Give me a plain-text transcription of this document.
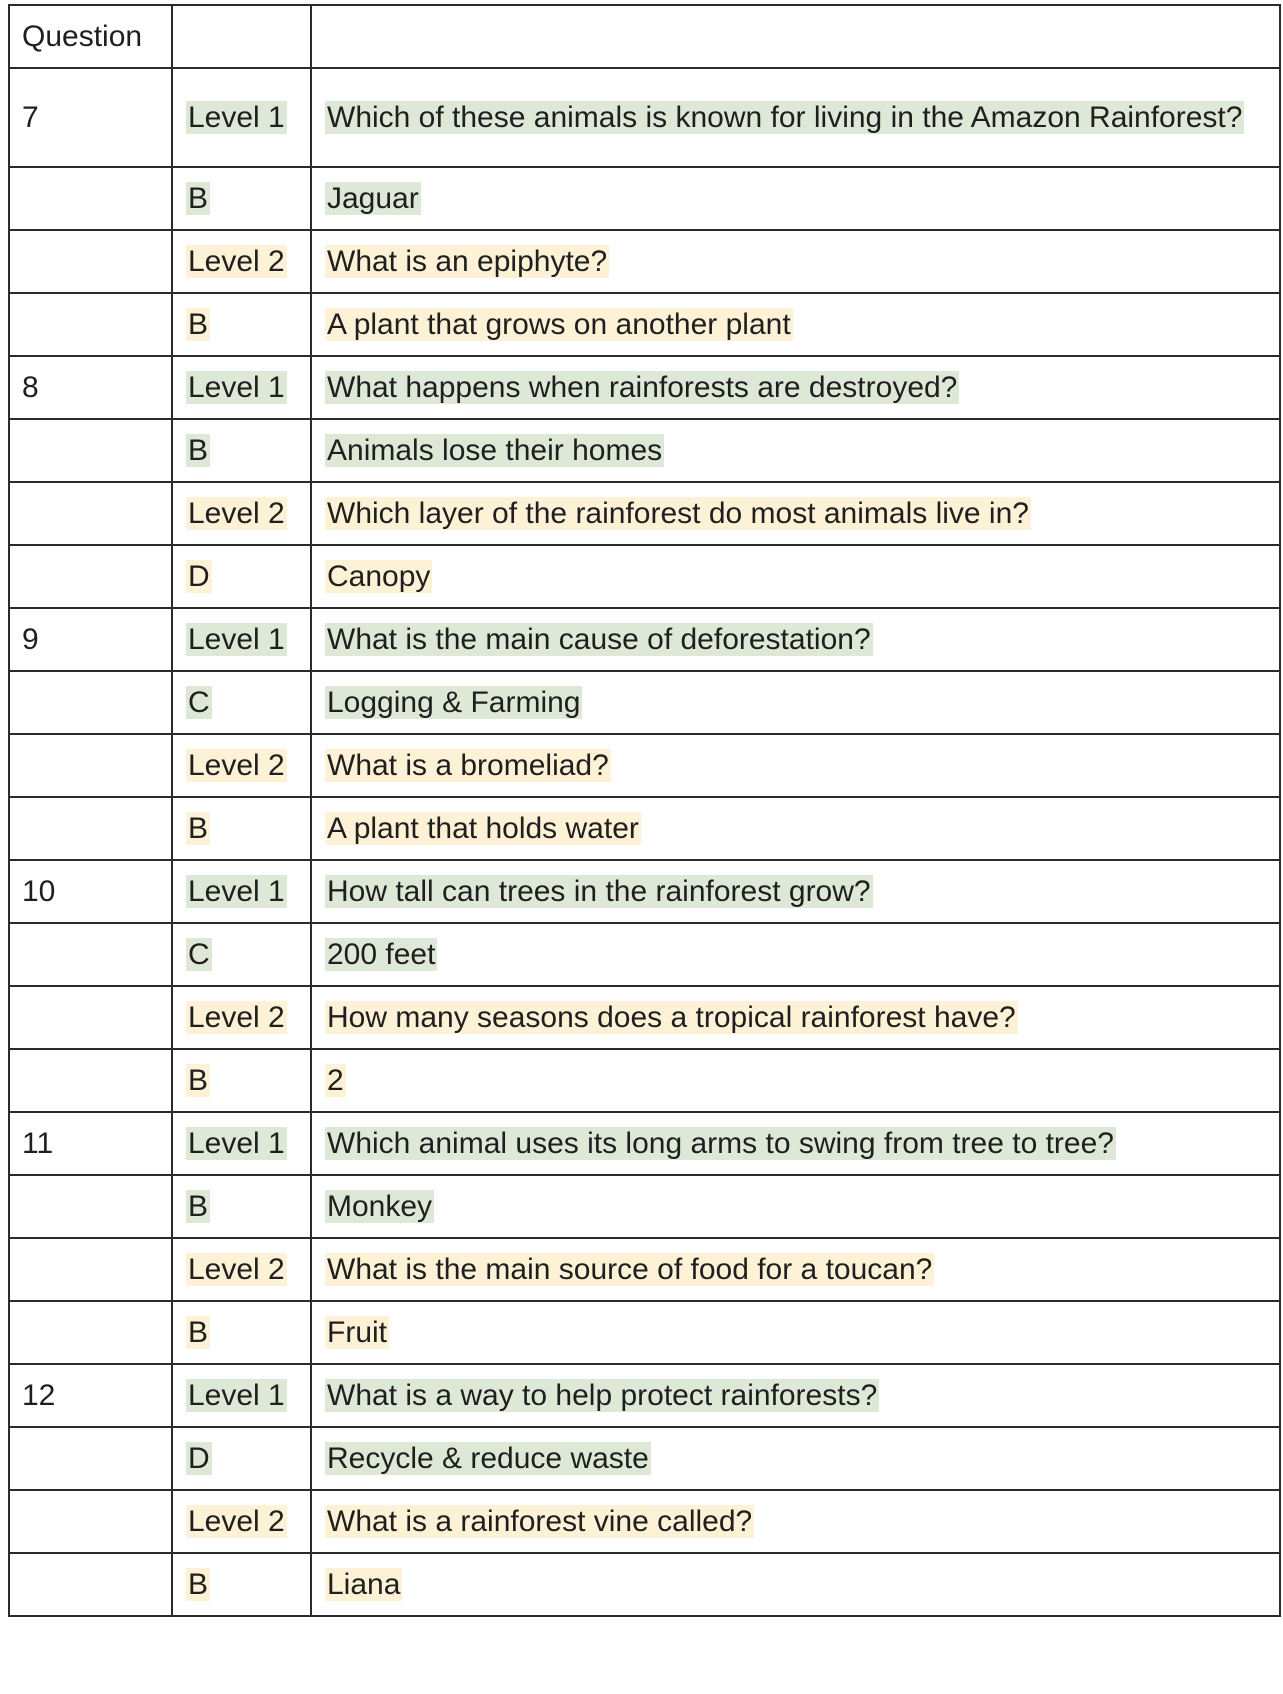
Question		
7	Level 1	Which of these animals is known for living in the Amazon Rainforest?
	B	Jaguar
	Level 2	What is an epiphyte?
	B	A plant that grows on another plant
8	Level 1	What happens when rainforests are destroyed?
	B	Animals lose their homes
	Level 2	Which layer of the rainforest do most animals live in?
	D	Canopy
9	Level 1	What is the main cause of deforestation?
	C	Logging & Farming
	Level 2	What is a bromeliad?
	B	A plant that holds water
10	Level 1	How tall can trees in the rainforest grow?
	C	200 feet
	Level 2	How many seasons does a tropical rainforest have?
	B	2
11	Level 1	Which animal uses its long arms to swing from tree to tree?
	B	Monkey
	Level 2	What is the main source of food for a toucan?
	B	Fruit
12	Level 1	What is a way to help protect rainforests?
	D	Recycle & reduce waste
	Level 2	What is a rainforest vine called?
	B	Liana
